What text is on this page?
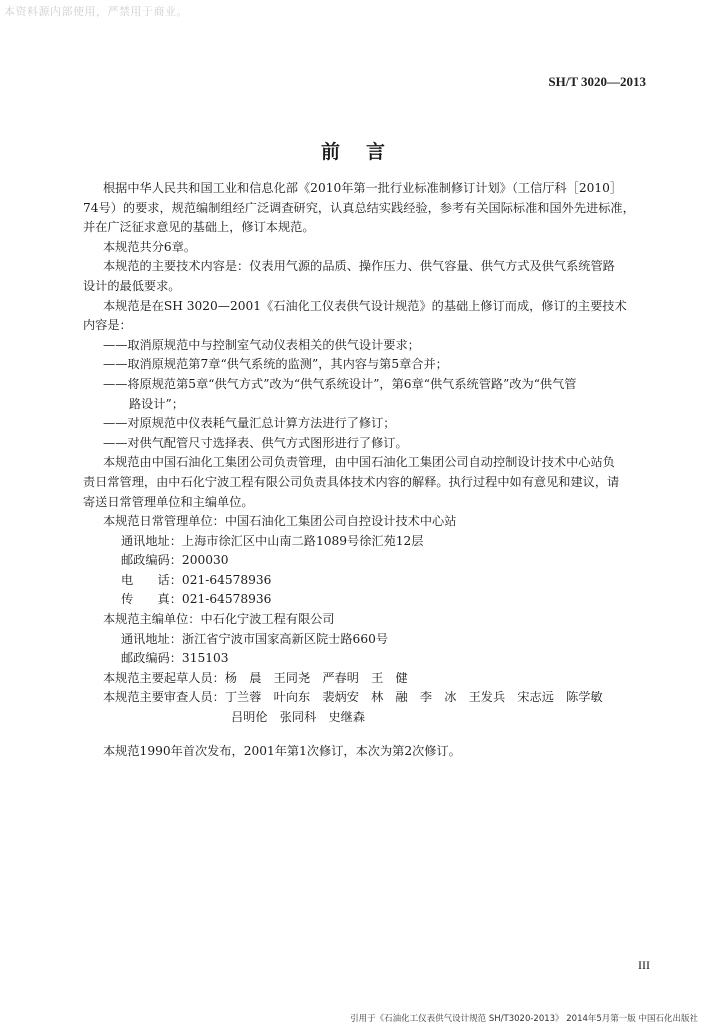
本资料源内部使用，严禁用于商业。
SH/T 3020—2013
前言
根据中华人民共和国工业和信息化部《2010年第一批行业标准制修订计划》（工信厅科［2010］
74号）的要求，规范编制组经广泛调查研究，认真总结实践经验，参考有关国际标准和国外先进标准，
并在广泛征求意见的基础上，修订本规范。
本规范共分6章。
本规范的主要技术内容是：仪表用气源的品质、操作压力、供气容量、供气方式及供气系统管路
设计的最低要求。
本规范是在SH 3020—2001《石油化工仪表供气设计规范》的基础上修订而成，修订的主要技术
内容是：
——取消原规范中与控制室气动仪表相关的供气设计要求；
——取消原规范第7章“供气系统的监测”，其内容与第5章合并；
——将原规范第5章“供气方式”改为“供气系统设计”，第6章“供气系统管路”改为“供气管
路设计”；
——对原规范中仪表耗气量汇总计算方法进行了修订；
——对供气配管尺寸选择表、供气方式图形进行了修订。
本规范由中国石油化工集团公司负责管理，由中国石油化工集团公司自动控制设计技术中心站负
责日常管理，由中石化宁波工程有限公司负责具体技术内容的解释。执行过程中如有意见和建议，请
寄送日常管理单位和主编单位。
本规范日常管理单位：中国石油化工集团公司自控设计技术中心站
通讯地址：上海市徐汇区中山南二路1089号徐汇苑12层
邮政编码：200030
电　　话：021-64578936
传　　真：021-64578936
本规范主编单位：中石化宁波工程有限公司
通讯地址：浙江省宁波市国家高新区院士路660号
邮政编码：315103
本规范主要起草人员：杨　晨　王同尧　严春明　王　健
本规范主要审查人员：丁兰蓉　叶向东　裴炳安　林　融　李　冰　王发兵　宋志远　陈学敏
吕明伦　张同科　史继森
本规范1990年首次发布，2001年第1次修订，本次为第2次修订。
III
引用于《石油化工仪表供气设计规范 SH/T3020-2013》 2014年5月第一版 中国石化出版社
